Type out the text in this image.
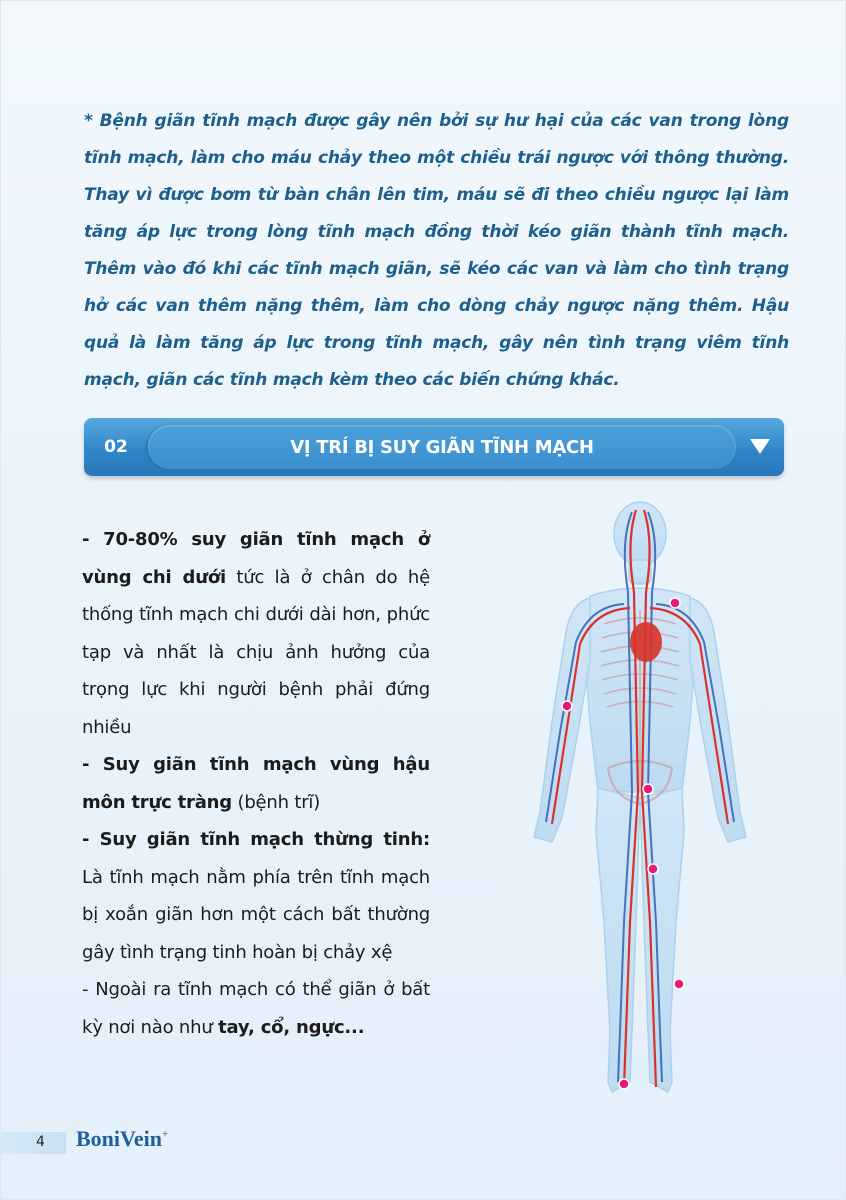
* Bệnh giãn tĩnh mạch được gây nên bởi sự hư hại của các van trong lòng tĩnh mạch, làm cho máu chảy theo một chiều trái ngược với thông thường. Thay vì được bơm từ bàn chân lên tim, máu sẽ đi theo chiều ngược lại làm tăng áp lực trong lòng tĩnh mạch đồng thời kéo giãn thành tĩnh mạch. Thêm vào đó khi các tĩnh mạch giãn, sẽ kéo các van và làm cho tình trạng hở các van thêm nặng thêm, làm cho dòng chảy ngược nặng thêm. Hậu quả là làm tăng áp lực trong tĩnh mạch, gây nên tình trạng viêm tĩnh mạch, giãn các tĩnh mạch kèm theo các biến chứng khác.

02	VỊ TRÍ BỊ SUY GIÃN TĨNH MẠCH

- 70-80% suy giãn tĩnh mạch ở vùng chi dưới tức là ở chân do hệ thống tĩnh mạch chi dưới dài hơn, phức tạp và nhất là chịu ảnh hưởng của trọng lực khi người bệnh phải đứng nhiều

- Suy giãn tĩnh mạch vùng hậu môn trực tràng (bệnh trĩ)

- Suy giãn tĩnh mạch thừng tinh: Là tĩnh mạch nằm phía trên tĩnh mạch bị xoắn giãn hơn một cách bất thường gây tình trạng tinh hoàn bị chảy xệ

- Ngoài ra tĩnh mạch có thể giãn ở bất kỳ nơi nào như tay, cổ, ngực...

4 BoniVein+
